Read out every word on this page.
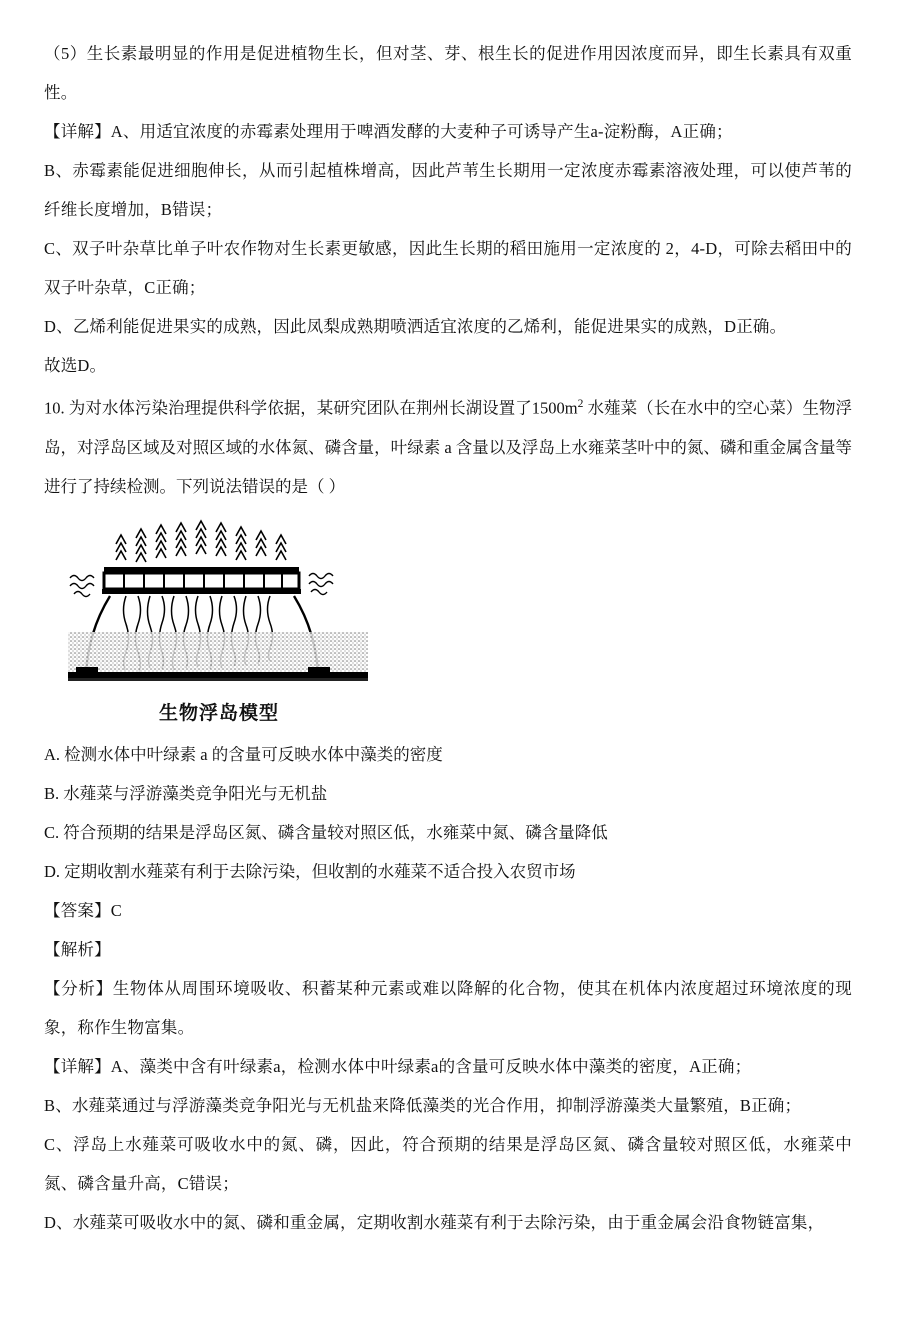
（5）生长素最明显的作用是促进植物生长，但对茎、芽、根生长的促进作用因浓度而异，即生长素具有双重性。

【详解】A、用适宜浓度的赤霉素处理用于啤酒发酵的大麦种子可诱导产生a-淀粉酶，A正确；

B、赤霉素能促进细胞伸长，从而引起植株增高，因此芦苇生长期用一定浓度赤霉素溶液处理，可以使芦苇的纤维长度增加，B错误；

C、双子叶杂草比单子叶农作物对生长素更敏感，因此生长期的稻田施用一定浓度的 2，4-D，可除去稻田中的双子叶杂草，C正确；

D、乙烯利能促进果实的成熟，因此凤梨成熟期喷洒适宜浓度的乙烯利，能促进果实的成熟，D正确。

故选D。

10. 为对水体污染治理提供科学依据，某研究团队在荆州长湖设置了$1500m^2$ 水薤菜（长在水中的空心菜）生物浮岛，对浮岛区域及对照区域的水体氮、磷含量，叶绿素 a 含量以及浮岛上水雍菜茎叶中的氮、磷和重金属含量等进行了持续检测。下列说法错误的是（ ）

生物浮岛模型

A. 检测水体中叶绿素 a 的含量可反映水体中藻类的密度

B. 水薤菜与浮游藻类竞争阳光与无机盐

C. 符合预期的结果是浮岛区氮、磷含量较对照区低，水雍菜中氮、磷含量降低

D. 定期收割水薤菜有利于去除污染，但收割的水薤菜不适合投入农贸市场

【答案】C

【解析】

【分析】生物体从周围环境吸收、积蓄某种元素或难以降解的化合物，使其在机体内浓度超过环境浓度的现象，称作生物富集。

【详解】A、藻类中含有叶绿素a，检测水体中叶绿素a的含量可反映水体中藻类的密度，A正确；

B、水薤菜通过与浮游藻类竞争阳光与无机盐来降低藻类的光合作用，抑制浮游藻类大量繁殖，B正确；

C、浮岛上水薤菜可吸收水中的氮、磷，因此，符合预期的结果是浮岛区氮、磷含量较对照区低，水雍菜中氮、磷含量升高，C错误；

D、水薤菜可吸收水中的氮、磷和重金属，定期收割水薤菜有利于去除污染，由于重金属会沿食物链富集，
